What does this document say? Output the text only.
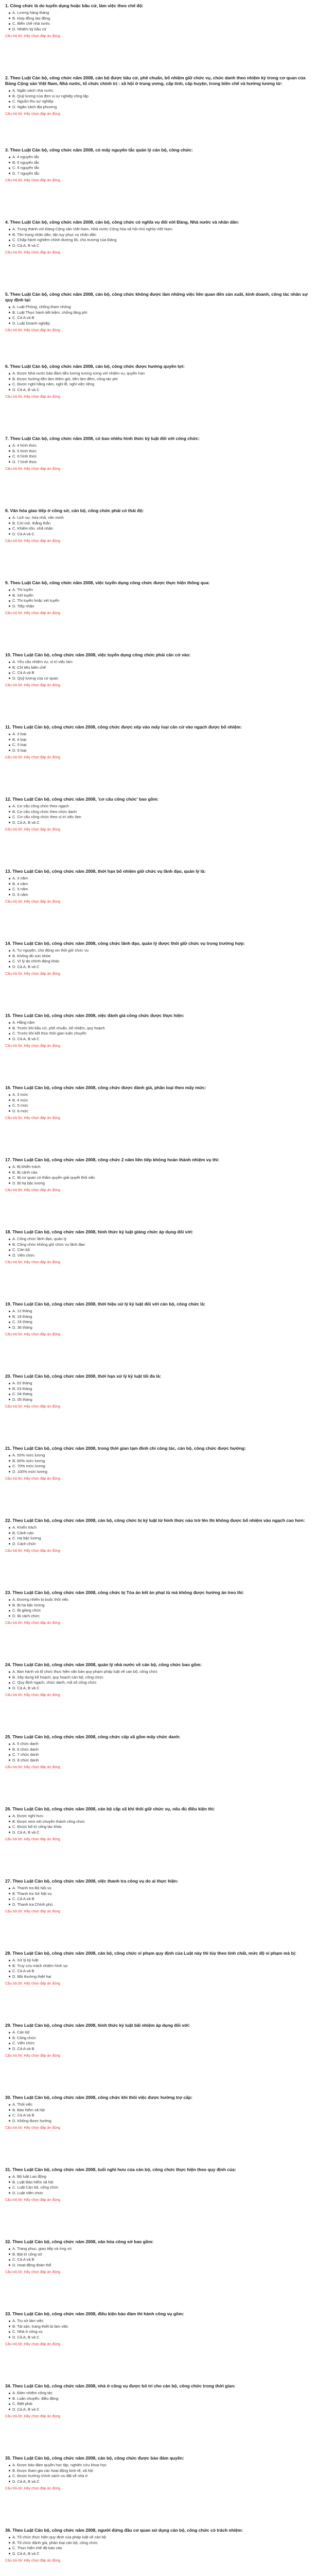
1. Công chức là do tuyển dụng hoặc bầu cử, làm việc theo chế độ:
A. Lương hàng tháng
B. Hợp đồng lao động
C. Biên chế nhà nước
D. Nhiệm kỳ bầu cử
Câu trả lời: Hãy chọn đáp án đúng
2. Theo Luật Cán bộ, công chức năm 2008, cán bộ được bầu cử, phê chuẩn, bổ nhiệm giữ chức vụ, chức danh theo nhiệm kỳ trong cơ quan của Đảng Cộng sản Việt Nam, Nhà nước, tổ chức chính trị - xã hội ở trung ương, cấp tỉnh, cấp huyện, trong biên chế và hưởng lương từ:
A. Ngân sách nhà nước
B. Quỹ lương của đơn vị sự nghiệp công lập
C. Nguồn thu sự nghiệp
D. Ngân sách địa phương
Câu trả lời: Hãy chọn đáp án đúng
3. Theo Luật Cán bộ, công chức năm 2008, có mấy nguyên tắc quản lý cán bộ, công chức:
A. 4 nguyên tắc
B. 5 nguyên tắc
C. 6 nguyên tắc
D. 7 nguyên tắc
Câu trả lời: Hãy chọn đáp án đúng
4. Theo Luật Cán bộ, công chức năm 2008, cán bộ, công chức có nghĩa vụ đối với Đảng, Nhà nước và nhân dân:
A. Trung thành với Đảng Cộng sản Việt Nam, Nhà nước Cộng hòa xã hội chủ nghĩa Việt Nam
B. Tôn trọng nhân dân, tận tụy phục vụ nhân dân
C. Chấp hành nghiêm chỉnh đường lối, chủ trương của Đảng
D. Cả A, B và C
Câu trả lời: Hãy chọn đáp án đúng
5. Theo Luật Cán bộ, công chức năm 2008, cán bộ, công chức không được làm những việc liên quan đến sản xuất, kinh doanh, công tác nhân sự quy định tại:
A. Luật Phòng, chống tham nhũng
B. Luật Thực hành tiết kiệm, chống lãng phí
C. Cả A và B
D. Luật Doanh nghiệp
Câu trả lời: Hãy chọn đáp án đúng
6. Theo Luật Cán bộ, công chức năm 2008, cán bộ, công chức được hưởng quyền lợi:
A. Được Nhà nước bảo đảm tiền lương tương xứng với nhiệm vụ, quyền hạn
B. Được hưởng tiền làm thêm giờ, tiền làm đêm, công tác phí
C. Được nghỉ hằng năm, nghỉ lễ, nghỉ việc riêng
D. Cả A, B và C
Câu trả lời: Hãy chọn đáp án đúng
7. Theo Luật Cán bộ, công chức năm 2008, có bao nhiêu hình thức kỷ luật đối với công chức:
A. 4 hình thức
B. 5 hình thức
C. 6 hình thức
D. 7 hình thức
Câu trả lời: Hãy chọn đáp án đúng
8. Văn hóa giao tiếp ở công sở, cán bộ, công chức phải có thái độ:
A. Lịch sự, hòa nhã, văn minh
B. Cởi mở, thẳng thắn
C. Khiêm tốn, nhã nhặn
D. Cả A và C
Câu trả lời: Hãy chọn đáp án đúng
9. Theo Luật Cán bộ, công chức năm 2008, việc tuyển dụng công chức được thực hiện thông qua:
A. Thi tuyển
B. Xét tuyển
C. Thi tuyển hoặc xét tuyển
D. Tiếp nhận
Câu trả lời: Hãy chọn đáp án đúng
10. Theo Luật Cán bộ, công chức năm 2008, việc tuyển dụng công chức phải căn cứ vào:
A. Yêu cầu nhiệm vụ, vị trí việc làm
B. Chỉ tiêu biên chế
C. Cả A và B
D. Quỹ lương của cơ quan
Câu trả lời: Hãy chọn đáp án đúng
11. Theo Luật Cán bộ, công chức năm 2008, công chức được xếp vào mấy loại căn cứ vào ngạch được bổ nhiệm:
A. 3 loại
B. 4 loại
C. 5 loại
D. 6 loại
Câu trả lời: Hãy chọn đáp án đúng
12. Theo Luật Cán bộ, công chức năm 2008, 'cơ cấu công chức' bao gồm:
A. Cơ cấu công chức theo ngạch
B. Cơ cấu công chức theo chức danh
C. Cơ cấu công chức theo vị trí việc làm
D. Cả A, B và C
Câu trả lời: Hãy chọn đáp án đúng
13. Theo Luật Cán bộ, công chức năm 2008, thời hạn bổ nhiệm giữ chức vụ lãnh đạo, quản lý là:
A. 3 năm
B. 4 năm
C. 5 năm
D. 6 năm
Câu trả lời: Hãy chọn đáp án đúng
14. Theo Luật Cán bộ, công chức năm 2008, công chức lãnh đạo, quản lý được thôi giữ chức vụ trong trường hợp:
A. Tự nguyện, chủ động xin thôi giữ chức vụ
B. Không đủ sức khỏe
C. Vì lý do chính đáng khác
D. Cả A, B và C
Câu trả lời: Hãy chọn đáp án đúng
15. Theo Luật Cán bộ, công chức năm 2008, việc đánh giá công chức được thực hiện:
A. Hằng năm
B. Trước khi bầu cử, phê chuẩn, bổ nhiệm, quy hoạch
C. Trước khi kết thúc thời gian luân chuyển
D. Cả A, B và C
Câu trả lời: Hãy chọn đáp án đúng
16. Theo Luật Cán bộ, công chức năm 2008, công chức được đánh giá, phân loại theo mấy mức:
A. 3 mức
B. 4 mức
C. 5 mức
D. 6 mức
Câu trả lời: Hãy chọn đáp án đúng
17. Theo Luật Cán bộ, công chức năm 2008, công chức 2 năm liên tiếp không hoàn thành nhiệm vụ thì:
A. Bị khiển trách
B. Bị cảnh cáo
C. Bị cơ quan có thẩm quyền giải quyết thôi việc
D. Bị hạ bậc lương
Câu trả lời: Hãy chọn đáp án đúng
18. Theo Luật Cán bộ, công chức năm 2008, hình thức kỷ luật giáng chức áp dụng đối với:
A. Công chức lãnh đạo, quản lý
B. Công chức không giữ chức vụ lãnh đạo
C. Cán bộ
D. Viên chức
Câu trả lời: Hãy chọn đáp án đúng
19. Theo Luật Cán bộ, công chức năm 2008, thời hiệu xử lý kỷ luật đối với cán bộ, công chức là:
A. 12 tháng
B. 18 tháng
C. 24 tháng
D. 36 tháng
Câu trả lời: Hãy chọn đáp án đúng
20. Theo Luật Cán bộ, công chức năm 2008, thời hạn xử lý kỷ luật tối đa là:
A. 02 tháng
B. 03 tháng
C. 04 tháng
D. 05 tháng
Câu trả lời: Hãy chọn đáp án đúng
21. Theo Luật Cán bộ, công chức năm 2008, trong thời gian tạm đình chỉ công tác, cán bộ, công chức được hưởng:
A. 50% mức lương
B. 60% mức lương
C. 70% mức lương
D. 100% mức lương
Câu trả lời: Hãy chọn đáp án đúng
22. Theo Luật Cán bộ, công chức năm 2008, cán bộ, công chức bị kỷ luật từ hình thức nào trở lên thì không được bổ nhiệm vào ngạch cao hơn:
A. Khiển trách
B. Cảnh cáo
C. Hạ bậc lương
D. Cách chức
Câu trả lời: Hãy chọn đáp án đúng
23. Theo Luật Cán bộ, công chức năm 2008, công chức bị Tòa án kết án phạt tù mà không được hưởng án treo thì:
A. Đương nhiên bị buộc thôi việc
B. Bị hạ bậc lương
C. Bị giáng chức
D. Bị cách chức
Câu trả lời: Hãy chọn đáp án đúng
24. Theo Luật Cán bộ, công chức năm 2008, quản lý nhà nước về cán bộ, công chức bao gồm:
A. Ban hành và tổ chức thực hiện văn bản quy phạm pháp luật về cán bộ, công chức
B. Xây dựng kế hoạch, quy hoạch cán bộ, công chức
C. Quy định ngạch, chức danh, mã số công chức
D. Cả A, B và C
Câu trả lời: Hãy chọn đáp án đúng
25. Theo Luật Cán bộ, công chức năm 2008, công chức cấp xã gồm mấy chức danh:
A. 5 chức danh
B. 6 chức danh
C. 7 chức danh
D. 8 chức danh
Câu trả lời: Hãy chọn đáp án đúng
26. Theo Luật Cán bộ, công chức năm 2008, cán bộ cấp xã khi thôi giữ chức vụ, nếu đủ điều kiện thì:
A. Được nghỉ hưu
B. Được xem xét chuyển thành công chức
C. Được bố trí công tác khác
D. Cả A, B và C
Câu trả lời: Hãy chọn đáp án đúng
27. Theo Luật Cán bộ, công chức năm 2008, việc thanh tra công vụ do ai thực hiện:
A. Thanh tra Bộ Nội vụ
B. Thanh tra Sở Nội vụ
C. Cả A và B
D. Thanh tra Chính phủ
Câu trả lời: Hãy chọn đáp án đúng
28. Theo Luật Cán bộ, công chức năm 2008, cán bộ, công chức vi phạm quy định của Luật này thì tùy theo tính chất, mức độ vi phạm mà bị:
A. Xử lý kỷ luật
B. Truy cứu trách nhiệm hình sự
C. Cả A và B
D. Bồi thường thiệt hại
Câu trả lời: Hãy chọn đáp án đúng
29. Theo Luật Cán bộ, công chức năm 2008, hình thức kỷ luật bãi nhiệm áp dụng đối với:
A. Cán bộ
B. Công chức
C. Viên chức
D. Cả A và B
Câu trả lời: Hãy chọn đáp án đúng
30. Theo Luật Cán bộ, công chức năm 2008, công chức khi thôi việc được hưởng trợ cấp:
A. Thôi việc
B. Bảo hiểm xã hội
C. Cả A và B
D. Không được hưởng
Câu trả lời: Hãy chọn đáp án đúng
31. Theo Luật Cán bộ, công chức năm 2008, tuổi nghỉ hưu của cán bộ, công chức thực hiện theo quy định của:
A. Bộ luật Lao động
B. Luật Bảo hiểm xã hội
C. Luật Cán bộ, công chức
D. Luật Viên chức
Câu trả lời: Hãy chọn đáp án đúng
32. Theo Luật Cán bộ, công chức năm 2008, văn hóa công sở bao gồm:
A. Trang phục, giao tiếp và ứng xử
B. Bài trí công sở
C. Cả A và B
D. Hoạt động đoàn thể
Câu trả lời: Hãy chọn đáp án đúng
33. Theo Luật Cán bộ, công chức năm 2008, điều kiện bảo đảm thi hành công vụ gồm:
A. Trụ sở làm việc
B. Tài sản, trang thiết bị làm việc
C. Nhà ở công vụ
D. Cả A, B và C
Câu trả lời: Hãy chọn đáp án đúng
34. Theo Luật Cán bộ, công chức năm 2008, nhà ở công vụ được bố trí cho cán bộ, công chức trong thời gian:
A. Đảm nhiệm công tác
B. Luân chuyển, điều động
C. Biệt phái
D. Cả A, B và C
Câu trả lời: Hãy chọn đáp án đúng
35. Theo Luật Cán bộ, công chức năm 2008, cán bộ, công chức được bảo đảm quyền:
A. Được bảo đảm quyền học tập, nghiên cứu khoa học
B. Được tham gia các hoạt động kinh tế, xã hội
C. Được hưởng chính sách ưu đãi về nhà ở
D. Cả A, B và C
Câu trả lời: Hãy chọn đáp án đúng
36. Theo Luật Cán bộ, công chức năm 2008, người đứng đầu cơ quan sử dụng cán bộ, công chức có trách nhiệm:
A. Tổ chức thực hiện quy định của pháp luật về cán bộ
B. Tổ chức đánh giá, phân loại cán bộ, công chức
C. Thực hiện chế độ báo cáo
D. Cả A, B và C
Câu trả lời: Hãy chọn đáp án đúng
